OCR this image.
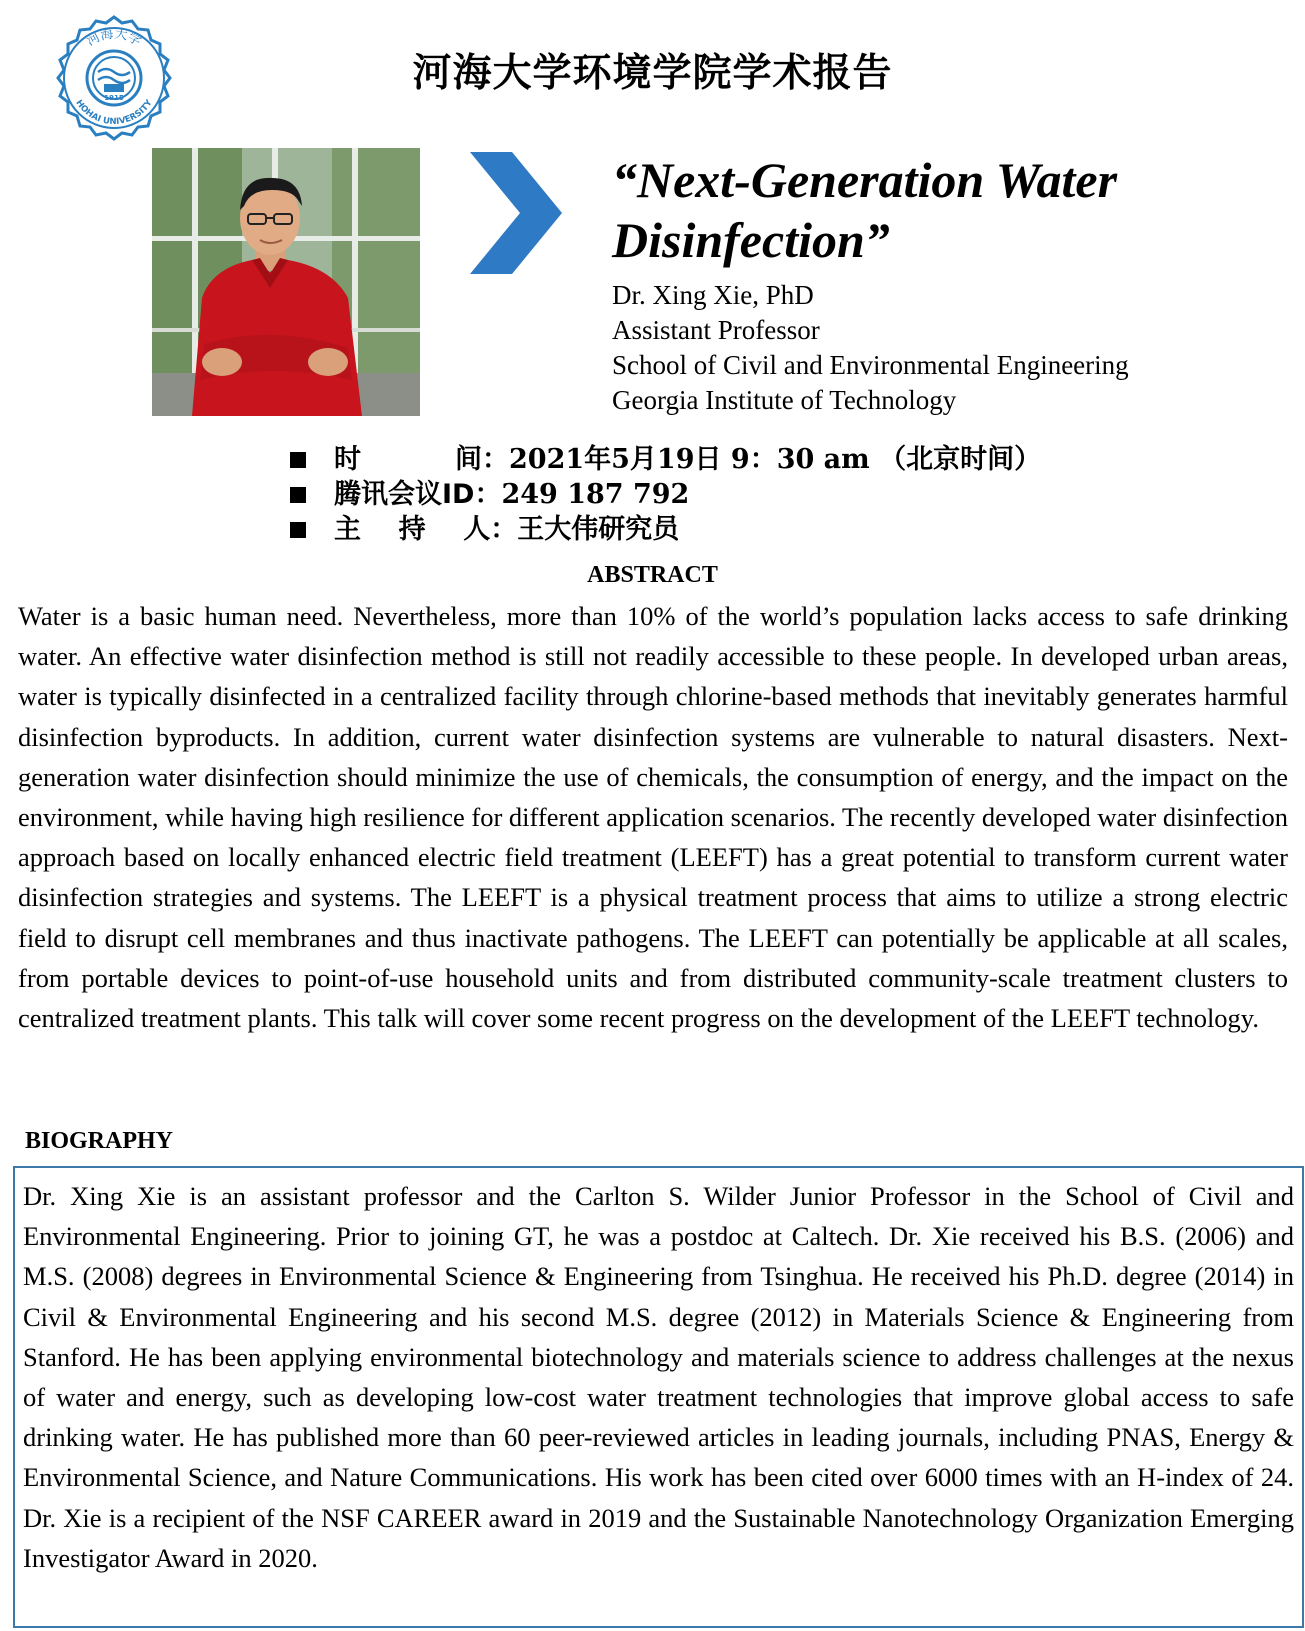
1915
河海大学
HOHAI UNIVERSITY
河海大学环境学院学术报告
“Next-Generation Water Disinfection”
Dr. Xing Xie, PhD
Assistant Professor
School of Civil and Environmental Engineering
Georgia Institute of Technology
时          间： 2021年5月19日 9：30 am （北京时间）
腾讯会议ID： 249 187 792
主    持    人： 王大伟研究员
ABSTRACT
Water is a basic human need. Nevertheless, more than 10% of the world’s population lacks access to safe drinking water. An effective water disinfection method is still not readily accessible to these people. In developed urban areas, water is typically disinfected in a centralized facility through chlorine-based methods that inevitably generates harmful disinfection byproducts. In addition, current water disinfection systems are vulnerable to natural disasters. Next-generation water disinfection should minimize the use of chemicals, the consumption of energy, and the impact on the environment, while having high resilience for different application scenarios. The recently developed water disinfection approach based on locally enhanced electric field treatment (LEEFT) has a great potential to transform current water disinfection strategies and systems. The LEEFT is a physical treatment process that aims to utilize a strong electric field to disrupt cell membranes and thus inactivate pathogens. The LEEFT can potentially be applicable at all scales, from portable devices to point-of-use household units and from distributed community-scale treatment clusters to centralized treatment plants. This talk will cover some recent progress on the development of the LEEFT technology.
BIOGRAPHY
Dr. Xing Xie is an assistant professor and the Carlton S. Wilder Junior Professor in the School of Civil and Environmental Engineering. Prior to joining GT, he was a postdoc at Caltech. Dr. Xie received his B.S. (2006) and M.S. (2008) degrees in Environmental Science & Engineering from Tsinghua. He received his Ph.D. degree (2014) in Civil & Environmental Engineering and his second M.S. degree (2012) in Materials Science & Engineering from Stanford. He has been applying environmental biotechnology and materials science to address challenges at the nexus of water and energy, such as developing low-cost water treatment technologies that improve global access to safe drinking water. He has published more than 60 peer-reviewed articles in leading journals, including PNAS, Energy & Environmental Science, and Nature Communications. His work has been cited over 6000 times with an H-index of 24. Dr. Xie is a recipient of the NSF CAREER award in 2019 and the Sustainable Nanotechnology Organization Emerging Investigator Award in 2020.
